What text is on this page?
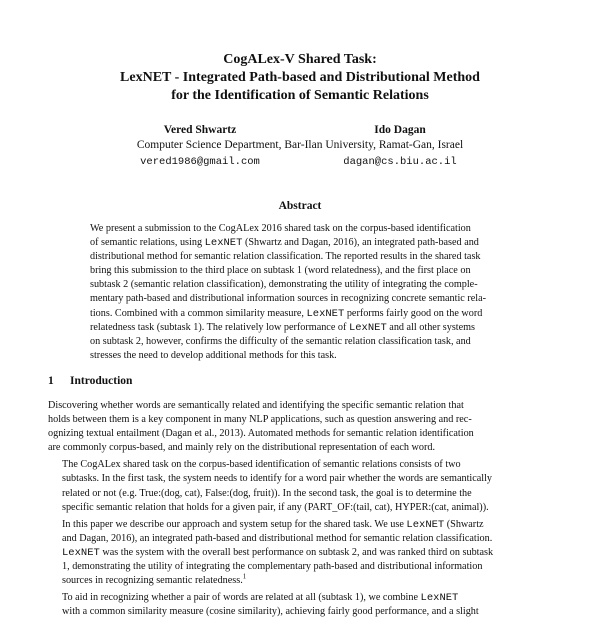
CogALex-V Shared Task:
LexNET - Integrated Path-based and Distributional Method
for the Identification of Semantic Relations
Vered Shwartz	Ido Dagan
Computer Science Department, Bar-Ilan University, Ramat-Gan, Israel
vered1986@gmail.com	dagan@cs.biu.ac.il
Abstract
We present a submission to the CogALex 2016 shared task on the corpus-based identification
of semantic relations, using LexNET (Shwartz and Dagan, 2016), an integrated path-based and
distributional method for semantic relation classification. The reported results in the shared task
bring this submission to the third place on subtask 1 (word relatedness), and the first place on
subtask 2 (semantic relation classification), demonstrating the utility of integrating the comple-
mentary path-based and distributional information sources in recognizing concrete semantic rela-
tions. Combined with a common similarity measure, LexNET performs fairly good on the word
relatedness task (subtask 1). The relatively low performance of LexNET and all other systems
on subtask 2, however, confirms the difficulty of the semantic relation classification task, and
stresses the need to develop additional methods for this task.
1 Introduction

Discovering whether words are semantically related and identifying the specific semantic relation that
holds between them is a key component in many NLP applications, such as question answering and rec-
ognizing textual entailment (Dagan et al., 2013). Automated methods for semantic relation identification
are commonly corpus-based, and mainly rely on the distributional representation of each word.

The CogALex shared task on the corpus-based identification of semantic relations consists of two
subtasks. In the first task, the system needs to identify for a word pair whether the words are semantically
related or not (e.g. True:(dog, cat), False:(dog, fruit)). In the second task, the goal is to determine the
specific semantic relation that holds for a given pair, if any (PART_OF:(tail, cat), HYPER:(cat, animal)).

In this paper we describe our approach and system setup for the shared task. We use LexNET (Shwartz
and Dagan, 2016), an integrated path-based and distributional method for semantic relation classification.
LexNET was the system with the overall best performance on subtask 2, and was ranked third on subtask
1, demonstrating the utility of integrating the complementary path-based and distributional information
sources in recognizing semantic relatedness.$^1$

To aid in recognizing whether a pair of words are related at all (subtask 1), we combine LexNET
with a common similarity measure (cosine similarity), achieving fairly good performance, and a slight
